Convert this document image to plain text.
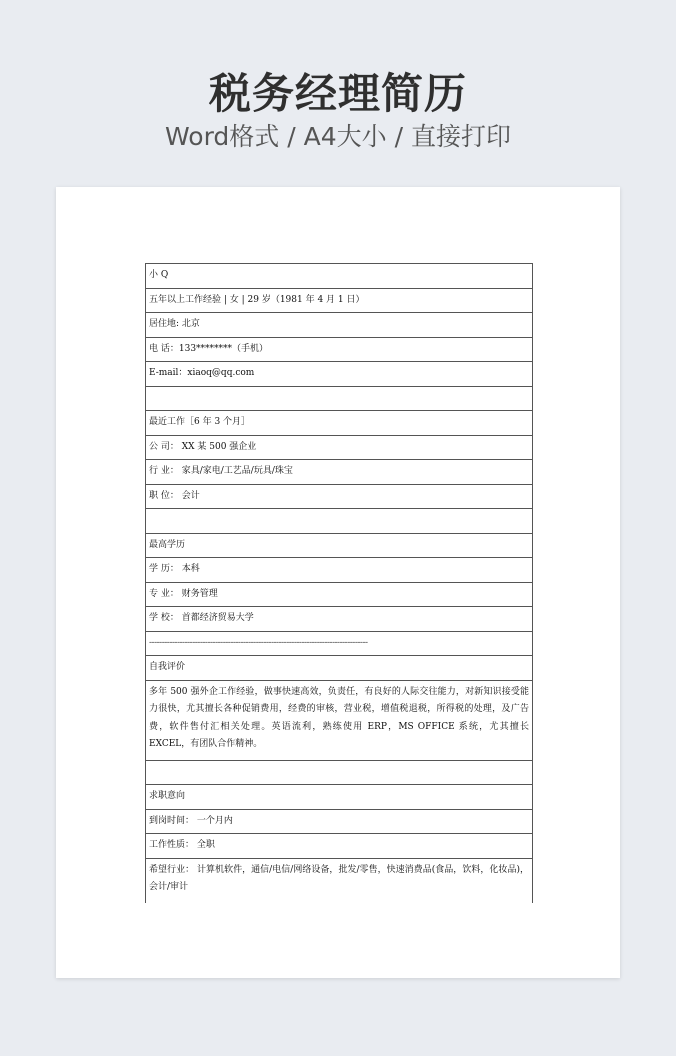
税务经理简历
Word格式 / A4大小 / 直接打印
小 Q
五年以上工作经验 | 女 | 29 岁（1981 年 4 月 1 日）
居住地: 北京
电 话：133********（手机）
E-mail：xiaoq@qq.com
最近工作［6 年 3 个月］
公 司： XX 某 500 强企业
行 业： 家具/家电/工艺品/玩具/珠宝
职 位： 会计
最高学历
学 历： 本科
专 业： 财务管理
学 校： 首都经济贸易大学
--------------------------------------------------------------------------------------
自我评价
多年 500 强外企工作经验，做事快速高效，负责任，有良好的人际交往能力，对新知识接受能力很快，尤其擅长各种促销费用，经费的审核，营业税，增值税退税，所得税的处理，及广告费，软件售付汇相关处理。英语流利，熟练使用 ERP，MS OFFICE 系统，尤其擅长 EXCEL，有团队合作精神。
求职意向
到岗时间： 一个月内
工作性质： 全职
希望行业： 计算机软件，通信/电信/网络设备，批发/零售，快速消费品(食品，饮料，化妆品)，会计/审计
